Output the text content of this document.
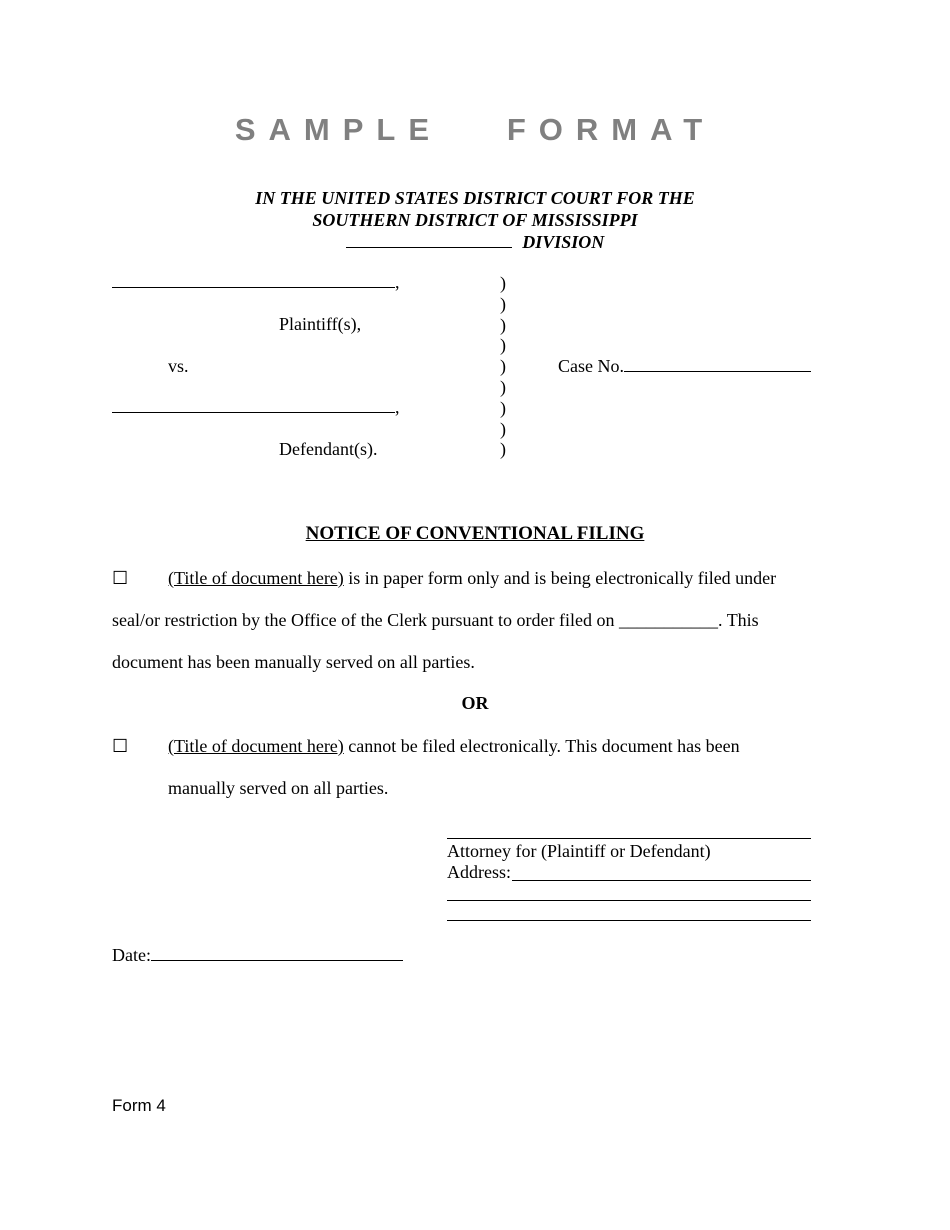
SAMPLE   FORMAT
IN THE UNITED STATES DISTRICT COURT FOR THE
SOUTHERN DISTRICT OF MISSISSIPPI
DIVISION
,
Plaintiff(s),
vs.
,
Defendant(s).
)
)
)
)
)
)
)
)
)
Case No.
NOTICE OF CONVENTIONAL FILING
☐ (Title of document here) is in paper form only and is being electronically filed under
seal/or restriction by the Office of the Clerk pursuant to order filed on ___________. This
document has been manually served on all parties.
OR
☐ (Title of document here) cannot be filed electronically. This document has been
manually served on all parties.
Attorney for (Plaintiff or Defendant)
Address:
Date:
Form 4
